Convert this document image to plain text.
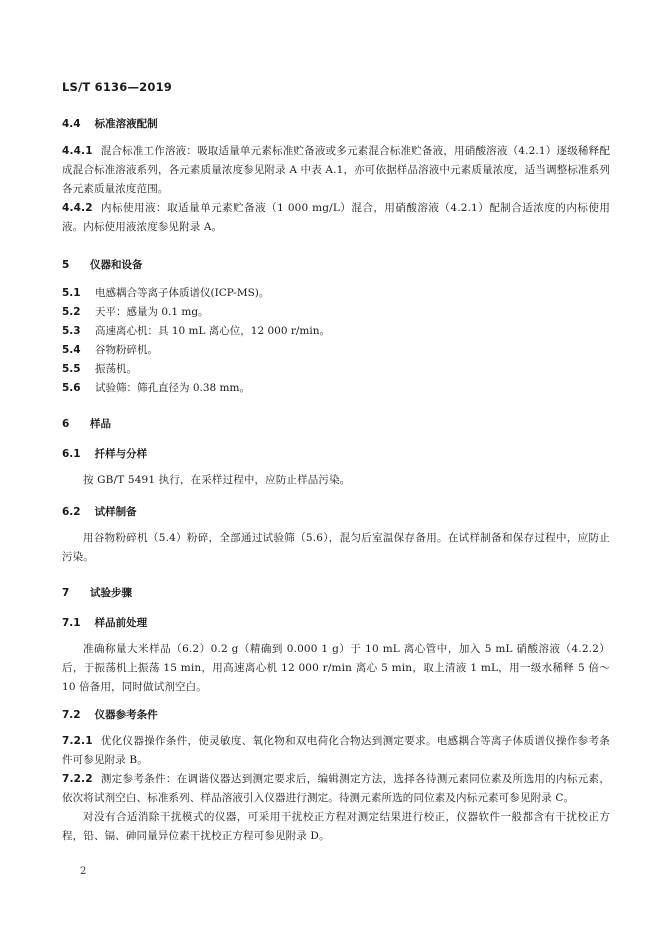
LS/T 6136—2019
4.4 标准溶液配制
4.4.1 混合标准工作溶液：吸取适量单元素标准贮备液或多元素混合标准贮备液，用硝酸溶液（4.2.1）逐级稀释配成混合标准溶液系列，各元素质量浓度参见附录 A 中表 A.1，亦可依据样品溶液中元素质量浓度，适当调整标准系列各元素质量浓度范围。
4.4.2 内标使用液：取适量单元素贮备液（1 000 mg/L）混合，用硝酸溶液（4.2.1）配制合适浓度的内标使用液。内标使用液浓度参见附录 A。
5	仪器和设备
5.1	电感耦合等离子体质谱仪(ICP-MS)。
5.2	天平：感量为 0.1 mg。
5.3	高速离心机：具 10 mL 离心位，12 000 r/min。
5.4	谷物粉碎机。
5.5	振荡机。
5.6	试验筛：筛孔直径为 0.38 mm。
6	样品
6.1 扦样与分样
按 GB/T 5491 执行，在采样过程中，应防止样品污染。
6.2 试样制备
用谷物粉碎机（5.4）粉碎，全部通过试验筛（5.6），混匀后室温保存备用。在试样制备和保存过程中，应防止污染。
7	试验步骤
7.1 样品前处理
准确称量大米样品（6.2）0.2 g（精确到 0.000 1 g）于 10 mL 离心管中，加入 5 mL 硝酸溶液（4.2.2）后，于振荡机上振荡 15 min，用高速离心机 12 000 r/min 离心 5 min，取上清液 1 mL，用一级水稀释 5 倍～10 倍备用，同时做试剂空白。
7.2 仪器参考条件
7.2.1 优化仪器操作条件，使灵敏度、氧化物和双电荷化合物达到测定要求。电感耦合等离子体质谱仪操作参考条件可参见附录 B。
7.2.2 测定参考条件：在调谐仪器达到测定要求后，编辑测定方法，选择各待测元素同位素及所选用的内标元素，依次将试剂空白、标准系列、样品溶液引入仪器进行测定。待测元素所选的同位素及内标元素可参见附录 C。
对没有合适消除干扰模式的仪器，可采用干扰校正方程对测定结果进行校正，仪器软件一般都含有干扰校正方程，铅、镉、砷同量异位素干扰校正方程可参见附录 D。
2
